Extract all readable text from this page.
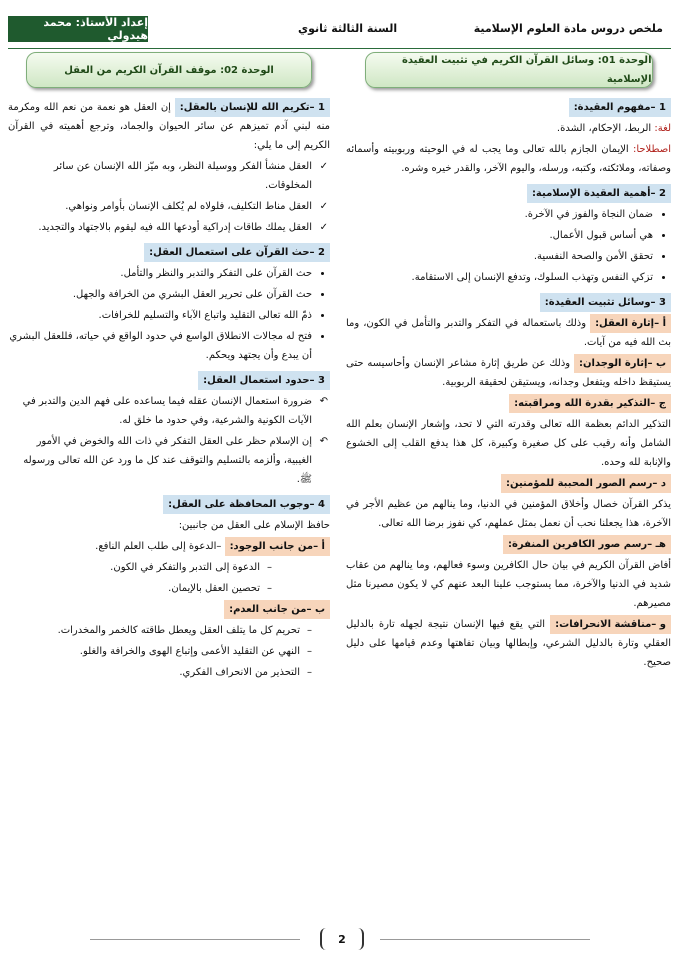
إعداد الأستاذ: محمد هيدولي
السنة الثالثة ثانوي	ملخص دروس مادة العلوم الإسلامية
الوحدة 01: وسائل القرآن الكريم في تثبيت العقيدة الإسلامية
1 –مفهوم العقيدة:

لغة: الربط، الإحكام، الشدة.

اصطلاحا: الإيمان الجازم بالله تعالى وما يجب له في الوحيته وربوبيته وأسمائه وصفاته، وملائكته، وكتبه، ورسله، واليوم الآخر، والقدر خيره وشره.

2 –أهمية العقيدة الإسلامية:
• ضمان النجاة والفوز في الآخرة.
• هي أساس قبول الأعمال.
• تحقق الأمن والصحة النفسية.
• تزكي النفس وتهذب السلوك، وتدفع الإنسان إلى الاستقامة.
3 –وسائل تثبيت العقيدة:

أ –إثارة العقل: وذلك باستعماله في التفكر والتدبر والتأمل في الكون، وما بث الله فيه من آيات.

ب –إثارة الوجدان: وذلك عن طريق إثارة مشاعر الإنسان وأحاسيسه حتى يستيقظ داخله ويتفعل وجدانه، ويستيقن لحقيقة الربوبية.

ج –التذكير بقدرة الله ومراقبته:

التذكير الدائم بعظمة الله تعالى وقدرته التي لا تحد، وإشعار الإنسان بعلم الله الشامل وأنه رقيب على كل صغيرة وكبيرة، كل هذا يدفع القلب إلى الخشوع والإنابة لله وحده.

د –رسم الصور المحببة للمؤمنين:

يذكر القرآن خصال وأخلاق المؤمنين في الدنيا، وما ينالهم من عظيم الأجر في الآخرة، هذا يجعلنا نحب أن نعمل بمثل عملهم، كي نفوز برضا الله تعالى.

هـ –رسم صور الكافرين المنفرة:

أفاض القرآن الكريم في بيان حال الكافرين وسوء فعالهم، وما ينالهم من عقاب شديد في الدنيا والآخرة، مما يستوجب علينا البعد عنهم كي لا يكون مصيرنا مثل مصيرهم.

و –مناقشة الانحرافات: التي يقع فيها الإنسان نتيجة لجهله تارة بالدليل العقلي وتارة بالدليل الشرعي، وإبطالها وبيان تفاهتها وعدم قيامها على دليل صحيح.

الوحدة 02: موقف القرآن الكريم من العقل

1 –تكريم الله للإنسان بالعقل: إن العقل هو نعمة من نعم الله ومكرمة منه لبني آدم تميزهم عن سائر الحيوان والجماد، وترجع أهميته في القرآن الكريم إلى ما يلي:

✓ العقل منشأ الفكر ووسيلة النظر، وبه ميّز الله الإنسان عن سائر المخلوقات.
✓ العقل مناط التكليف، فلولاه لم يُكلف الإنسان بأوامر ونواهي.
✓ العقل يملك طاقات إدراكية أودعها الله فيه ليقوم بالاجتهاد والتجديد.
2 –حث القرآن على استعمال العقل:
• حث القرآن على التفكر والتدبر والنظر والتأمل.
• حث القرآن على تحرير العقل البشري من الخرافة والجهل.
• ذمّ الله تعالى التقليد واتباع الآباء والتسليم للخرافات.
• فتح له مجالات الانطلاق الواسع في حدود الواقع في حياته، فللعقل البشري أن يبدع وأن يجتهد ويحكم.
3 –حدود استعمال العقل:
↶ ضرورة استعمال الإنسان عقله فيما يساعده على فهم الدين والتدبر في الآيات الكونية والشرعية، وفي حدود ما خلق له.
↶ إن الإسلام حظر على العقل التفكر في ذات الله والخوض في الأمور الغيبية، وألزمه بالتسليم والتوقف عند كل ما ورد عن الله تعالى ورسوله ﷺ.
4 –وجوب المحافظة على العقل:

حافظ الإسلام على العقل من جانبين:

أ –من جانب الوجود: –الدعوة إلى طلب العلم النافع.

– الدعوة إلى التدبر والتفكر في الكون.
– تحصين العقل بالإيمان.
ب –من جانب العدم:
– تحريم كل ما يتلف العقل ويعطل طاقته كالخمر والمخدرات.
– النهي عن التقليد الأعمى وإتباع الهوى والخرافة والغلو.
– التحذير من الانحراف الفكري.
2
